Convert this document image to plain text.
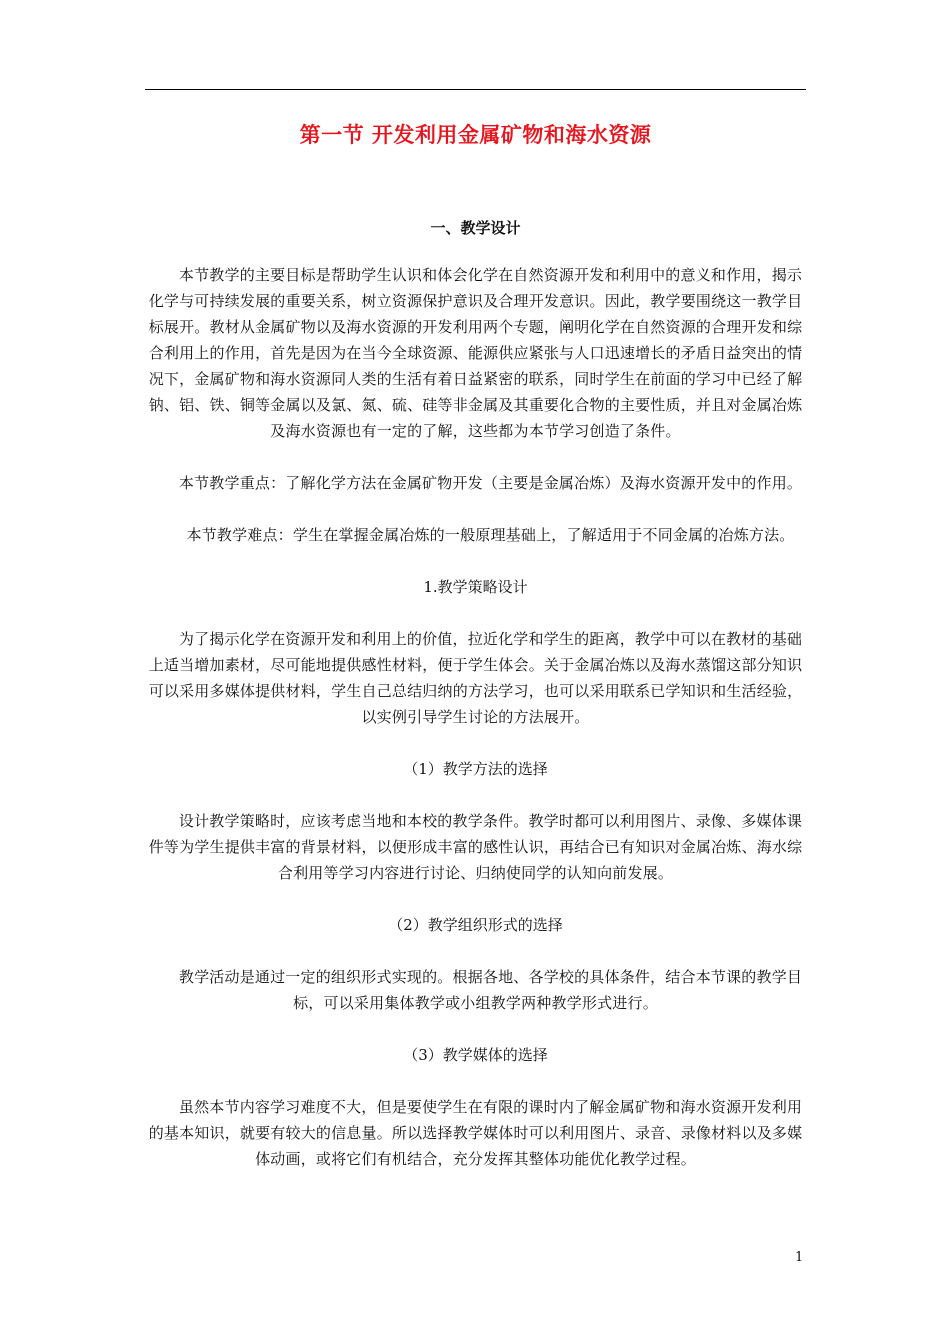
第一节 开发利用金属矿物和海水资源
一、教学设计

本节教学的主要目标是帮助学生认识和体会化学在自然资源开发和利用中的意义和作用，揭示化学与可持续发展的重要关系，树立资源保护意识及合理开发意识。因此，教学要围绕这一教学目标展开。教材从金属矿物以及海水资源的开发利用两个专题，阐明化学在自然资源的合理开发和综合利用上的作用，首先是因为在当今全球资源、能源供应紧张与人口迅速增长的矛盾日益突出的情况下，金属矿物和海水资源同人类的生活有着日益紧密的联系，同时学生在前面的学习中已经了解钠、铝、铁、铜等金属以及氯、氮、硫、硅等非金属及其重要化合物的主要性质，并且对金属冶炼及海水资源也有一定的了解，这些都为本节学习创造了条件。

本节教学重点：了解化学方法在金属矿物开发（主要是金属冶炼）及海水资源开发中的作用。

本节教学难点：学生在掌握金属冶炼的一般原理基础上，了解适用于不同金属的冶炼方法。

1.教学策略设计

为了揭示化学在资源开发和利用上的价值，拉近化学和学生的距离，教学中可以在教材的基础上适当增加素材，尽可能地提供感性材料，便于学生体会。关于金属冶炼以及海水蒸馏这部分知识可以采用多媒体提供材料，学生自己总结归纳的方法学习，也可以采用联系已学知识和生活经验，以实例引导学生讨论的方法展开。

（1）教学方法的选择

设计教学策略时，应该考虑当地和本校的教学条件。教学时都可以利用图片、录像、多媒体课件等为学生提供丰富的背景材料，以便形成丰富的感性认识，再结合已有知识对金属冶炼、海水综合利用等学习内容进行讨论、归纳使同学的认知向前发展。

（2）教学组织形式的选择

教学活动是通过一定的组织形式实现的。根据各地、各学校的具体条件，结合本节课的教学目标，可以采用集体教学或小组教学两种教学形式进行。

（3）教学媒体的选择

虽然本节内容学习难度不大，但是要使学生在有限的课时内了解金属矿物和海水资源开发利用的基本知识，就要有较大的信息量。所以选择教学媒体时可以利用图片、录音、录像材料以及多媒体动画，或将它们有机结合，充分发挥其整体功能优化教学过程。

1
